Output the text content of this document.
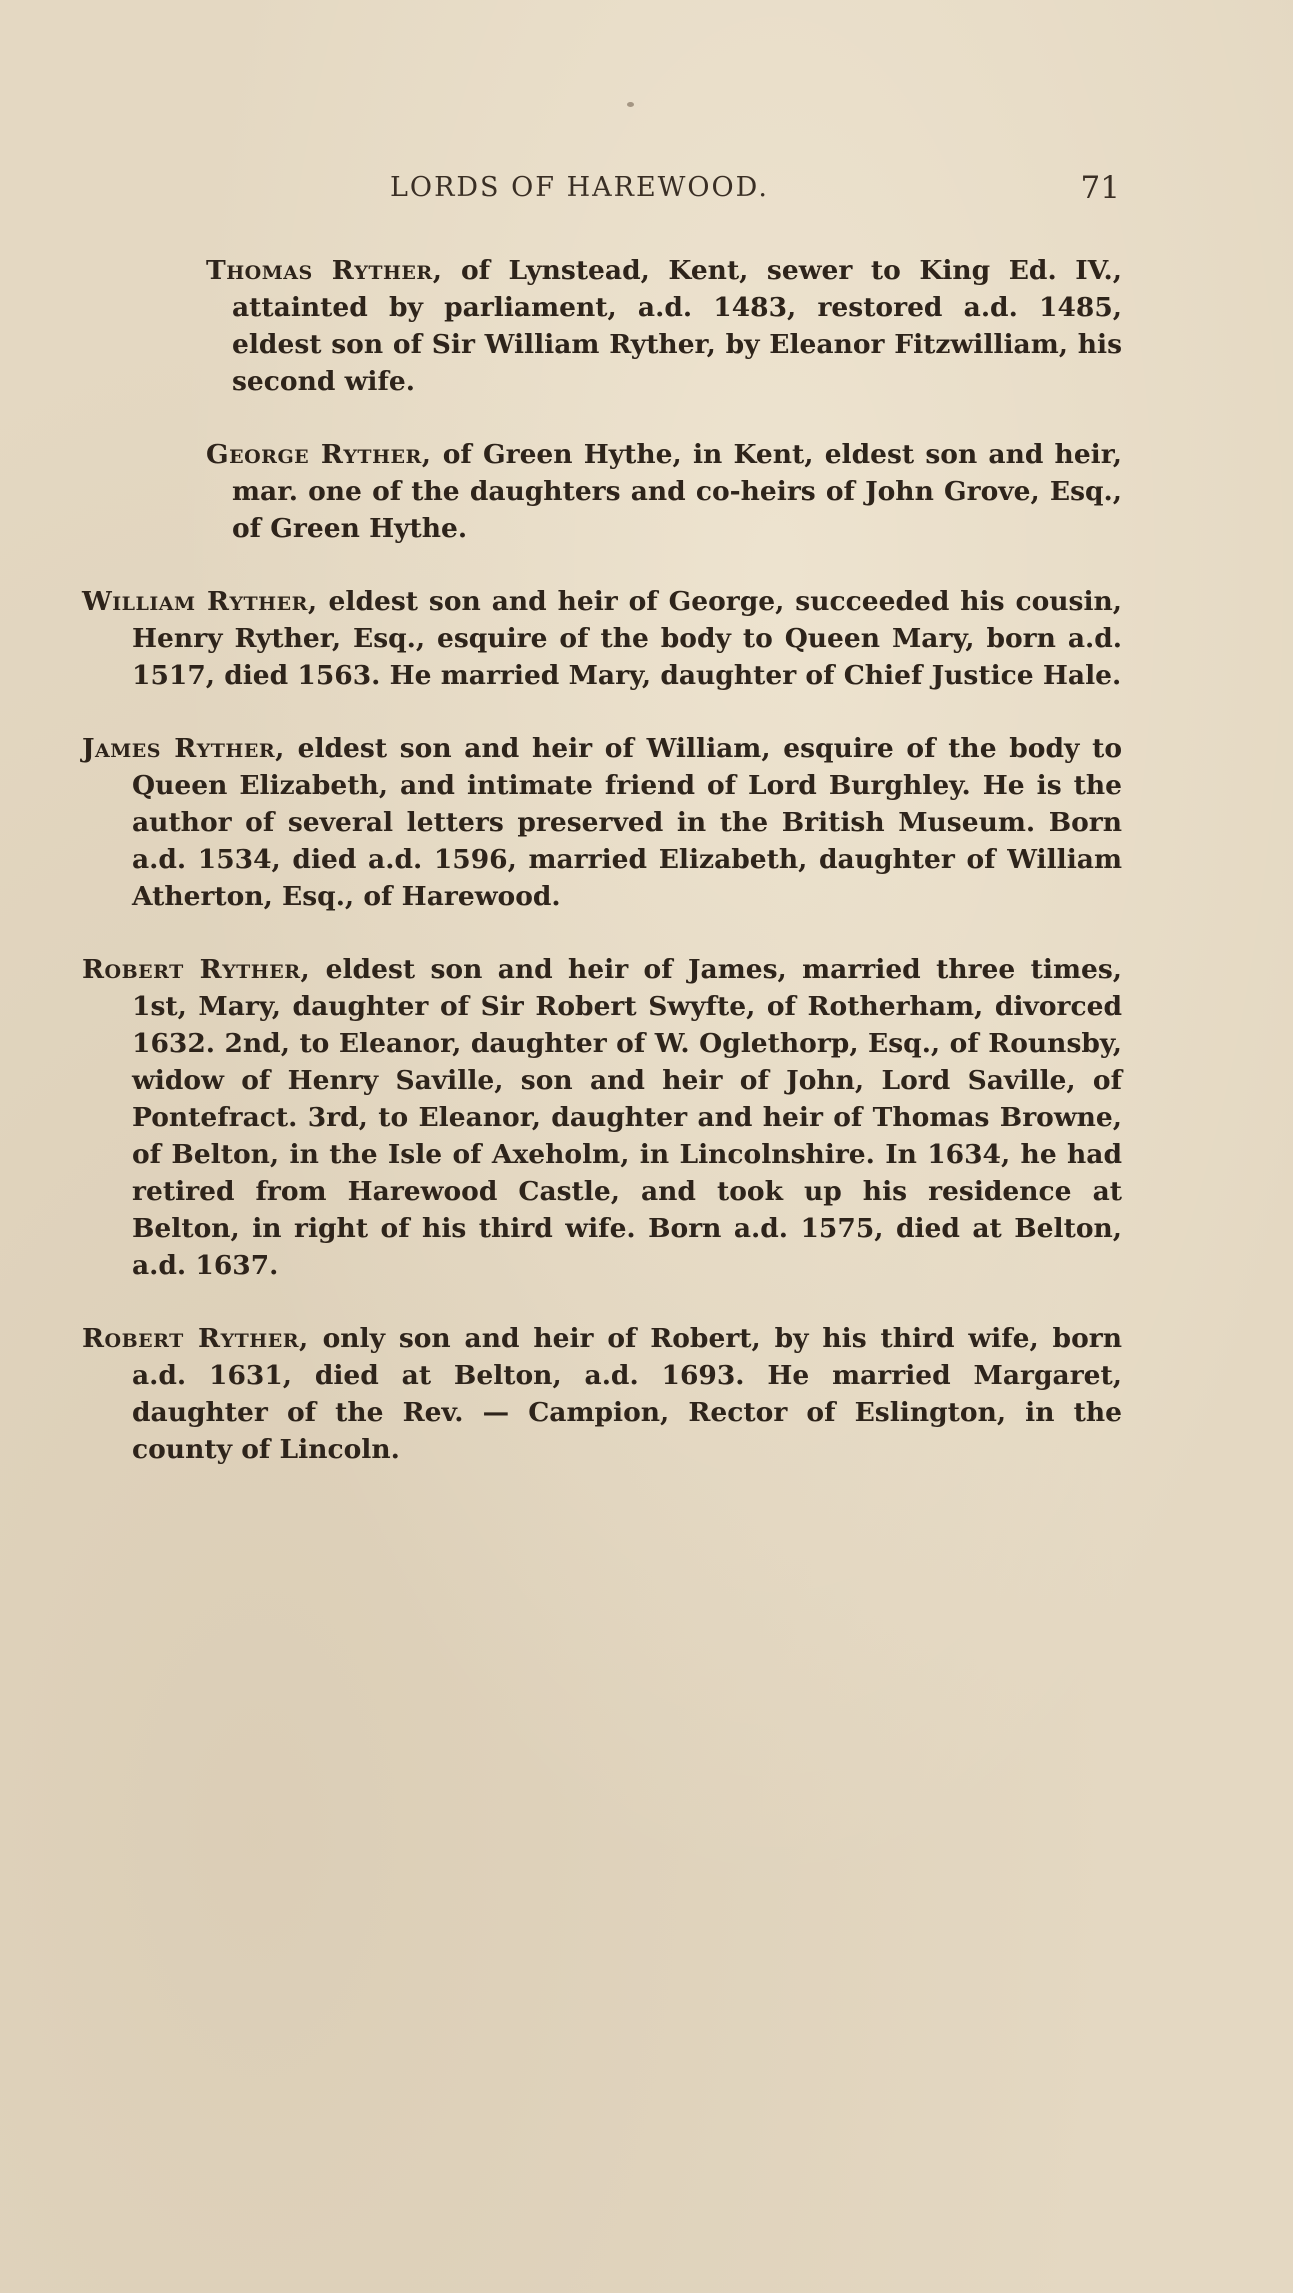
LORDS OF HAREWOOD.	71

Thomas Ryther, of Lynstead, Kent, sewer to King Ed. IV., attainted by parliament, a.d. 1483, restored a.d. 1485, eldest son of Sir William Ryther, by Eleanor Fitzwilliam, his second wife.

George Ryther, of Green Hythe, in Kent, eldest son and heir, mar. one of the daughters and co-heirs of John Grove, Esq., of Green Hythe.

William Ryther, eldest son and heir of George, succeeded his cousin, Henry Ryther, Esq., esquire of the body to Queen Mary, born a.d. 1517, died 1563. He married Mary, daughter of Chief Justice Hale.

James Ryther, eldest son and heir of William, esquire of the body to Queen Elizabeth, and intimate friend of Lord Burghley. He is the author of several letters preserved in the British Museum. Born a.d. 1534, died a.d. 1596, married Elizabeth, daughter of William Atherton, Esq., of Harewood.

Robert Ryther, eldest son and heir of James, married three times, 1st, Mary, daughter of Sir Robert Swyfte, of Rotherham, divorced 1632. 2nd, to Eleanor, daughter of W. Oglethorp, Esq., of Rounsby, widow of Henry Saville, son and heir of John, Lord Saville, of Pontefract. 3rd, to Eleanor, daughter and heir of Thomas Browne, of Belton, in the Isle of Axeholm, in Lincolnshire. In 1634, he had retired from Harewood Castle, and took up his residence at Belton, in right of his third wife. Born a.d. 1575, died at Belton, a.d. 1637.

Robert Ryther, only son and heir of Robert, by his third wife, born a.d. 1631, died at Belton, a.d. 1693. He married Margaret, daughter of the Rev. — Campion, Rector of Eslington, in the county of Lincoln.
